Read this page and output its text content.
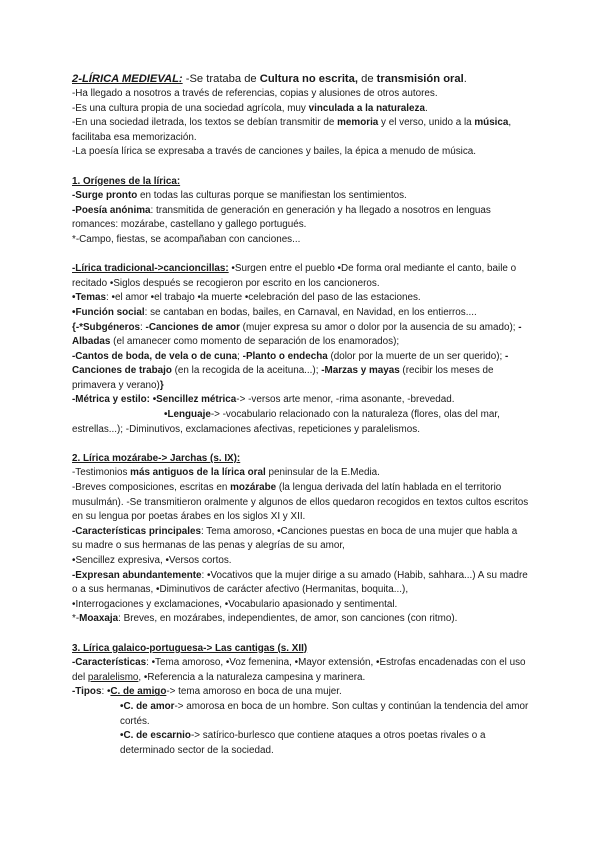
2-LÍRICA MEDIEVAL: -Se trataba de Cultura no escrita, de transmisión oral.

-Ha llegado a nosotros a través de referencias, copias y alusiones de otros autores.

-Es una cultura propia de una sociedad agrícola, muy vinculada a la naturaleza.

-En una sociedad iletrada, los textos se debían transmitir de memoria y el verso, unido a la música, facilitaba esa memorización.

-La poesía lírica se expresaba a través de canciones y bailes, la épica a menudo de música.

1. Orígenes de la lírica:

-Surge pronto en todas las culturas porque se manifiestan los sentimientos.

-Poesía anónima: transmitida de generación en generación y ha llegado a nosotros en lenguas romances: mozárabe, castellano y gallego portugués.

*-Campo, fiestas, se acompañaban con canciones...

-Lírica tradicional->cancioncillas: •Surgen entre el pueblo •De forma oral mediante el canto, baile o recitado •Siglos después se recogieron por escrito en los cancioneros.

•Temas: •el amor •el trabajo •la muerte •celebración del paso de las estaciones.

•Función social: se cantaban en bodas, bailes, en Carnaval, en Navidad, en los entierros....

{-*Subgéneros: -Canciones de amor (mujer expresa su amor o dolor por la ausencia de su amado); -Albadas (el amanecer como momento de separación de los enamorados);
-Cantos de boda, de vela o de cuna; -Planto o endecha (dolor por la muerte de un ser querido); -Canciones de trabajo (en la recogida de la aceituna...); -Marzas y mayas (recibir los meses de primavera y verano)}

-Métrica y estilo: •Sencillez métrica-> -versos arte menor, -rima asonante, -brevedad.

•Lenguaje-> -vocabulario relacionado con la naturaleza (flores, olas del mar, estrellas...); -Diminutivos, exclamaciones afectivas, repeticiones y paralelismos.

2. Lírica mozárabe-> Jarchas (s. IX):

-Testimonios más antiguos de la lírica oral peninsular de la E.Media.

-Breves composiciones, escritas en mozárabe (la lengua derivada del latín hablada en el territorio musulmán). -Se transmitieron oralmente y algunos de ellos quedaron recogidos en textos cultos escritos en su lengua por poetas árabes en los siglos XI y XII.

-Características principales: Tema amoroso, •Canciones puestas en boca de una mujer que habla a su madre o sus hermanas de las penas y alegrías de su amor,

•Sencillez expresiva, •Versos cortos.

-Expresan abundantemente: •Vocativos que la mujer dirige a su amado (Habib, sahhara...) A su madre o a sus hermanas, •Diminutivos de carácter afectivo (Hermanitas, boquita...),

•Interrogaciones y exclamaciones, •Vocabulario apasionado y sentimental.

*-Moaxaja: Breves, en mozárabes, independientes, de amor, son canciones (con ritmo).

3. Lírica galaico-portuguesa-> Las cantigas (s. XII)

-Características: •Tema amoroso, •Voz femenina, •Mayor extensión, •Estrofas encadenadas con el uso del paralelismo, •Referencia a la naturaleza campesina y marinera.

-Tipos: •C. de amigo-> tema amoroso en boca de una mujer.

•C. de amor-> amorosa en boca de un hombre. Son cultas y continúan la tendencia del amor cortés.

•C. de escarnio-> satírico-burlesco que contiene ataques a otros poetas rivales o a determinado sector de la sociedad.
